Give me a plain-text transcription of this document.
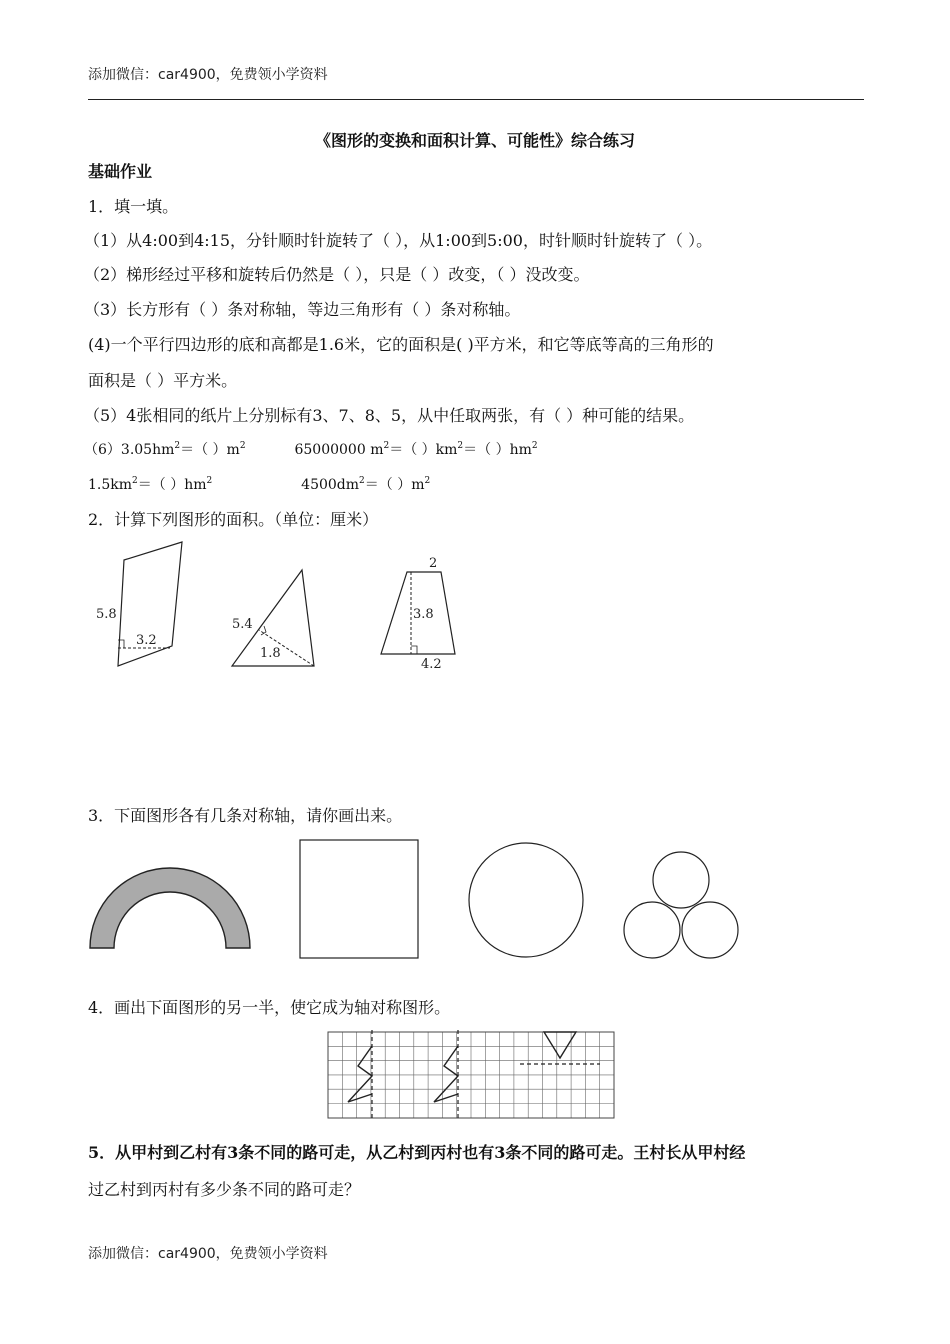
添加微信：car4900，免费领小学资料
《图形的变换和面积计算、可能性》综合练习
基础作业
1．填一填。
（1）从4:00到4:15，分针顺时针旋转了（ ），从1:00到5:00，时针顺时针旋转了（ ）。
（2）梯形经过平移和旋转后仍然是（ ），只是（ ）改变，（ ）没改变。
（3）长方形有（ ）条对称轴，等边三角形有（ ）条对称轴。
(4)一个平行四边形的底和高都是1.6米，它的面积是( )平方米，和它等底等高的三角形的
面积是（ ）平方米。
（5）4张相同的纸片上分别标有3、7、8、5，从中任取两张，有（ ）种可能的结果。
$(6)3.05hm^2=$（ ）$m^2$	65000000 $m^2=$（ ）$km^2=$（ ）$hm^2$
$1.5km^2=$（ ）$hm^2$	$4500dm^2=$（ ）$m^2$
2．计算下列图形的面积。（单位：厘米）
5.8
3.2
5.4
1.8
2
3.8
4.2
3．下面图形各有几条对称轴，请你画出来。
4．画出下面图形的另一半，使它成为轴对称图形。
5．从甲村到乙村有3条不同的路可走，从乙村到丙村也有3条不同的路可走。王村长从甲村经
过乙村到丙村有多少条不同的路可走？
添加微信：car4900，免费领小学资料
